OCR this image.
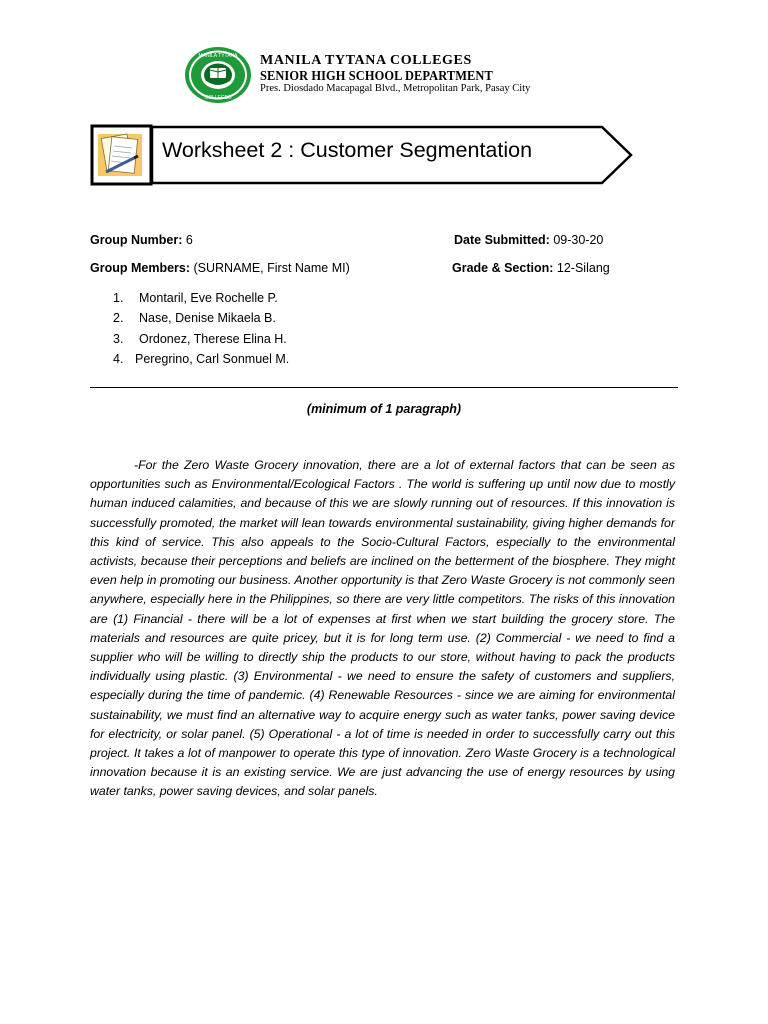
MANILA TYTANA
COLLEGES
MANILA TYTANA COLLEGES
SENIOR HIGH SCHOOL DEPARTMENT
Pres. Diosdado Macapagal Blvd., Metropolitan Park, Pasay City
Worksheet 2 : Customer Segmentation
Group Number: 6	Date Submitted: 09-30-20
Group Members: (SURNAME, First Name MI)	Grade & Section: 12-Silang
1. Montaril, Eve Rochelle P.
2. Nase, Denise Mikaela B.
3. Ordonez, Therese Elina H.
4. Peregrino, Carl Sonmuel M.
(minimum of 1 paragraph)

-For the Zero Waste Grocery innovation, there are a lot of external factors that can be seen as opportunities such as Environmental/Ecological Factors . The world is suffering up until now due to mostly human induced calamities, and because of this we are slowly running out of resources. If this innovation is successfully promoted, the market will lean towards environmental sustainability, giving higher demands for this kind of service. This also appeals to the Socio-Cultural Factors, especially to the environmental activists, because their perceptions and beliefs are inclined on the betterment of the biosphere. They might even help in promoting our business. Another opportunity is that Zero Waste Grocery is not commonly seen anywhere, especially here in the Philippines, so there are very little competitors. The risks of this innovation are (1) Financial - there will be a lot of expenses at first when we start building the grocery store. The materials and resources are quite pricey, but it is for long term use. (2) Commercial - we need to find a supplier who will be willing to directly ship the products to our store, without having to pack the products individually using plastic. (3) Environmental - we need to ensure the safety of customers and suppliers, especially during the time of pandemic. (4) Renewable Resources - since we are aiming for environmental sustainability, we must find an alternative way to acquire energy such as water tanks, power saving device for electricity, or solar panel. (5) Operational - a lot of time is needed in order to successfully carry out this project. It takes a lot of manpower to operate this type of innovation. Zero Waste Grocery is a technological innovation because it is an existing service. We are just advancing the use of energy resources by using water tanks, power saving devices, and solar panels.
